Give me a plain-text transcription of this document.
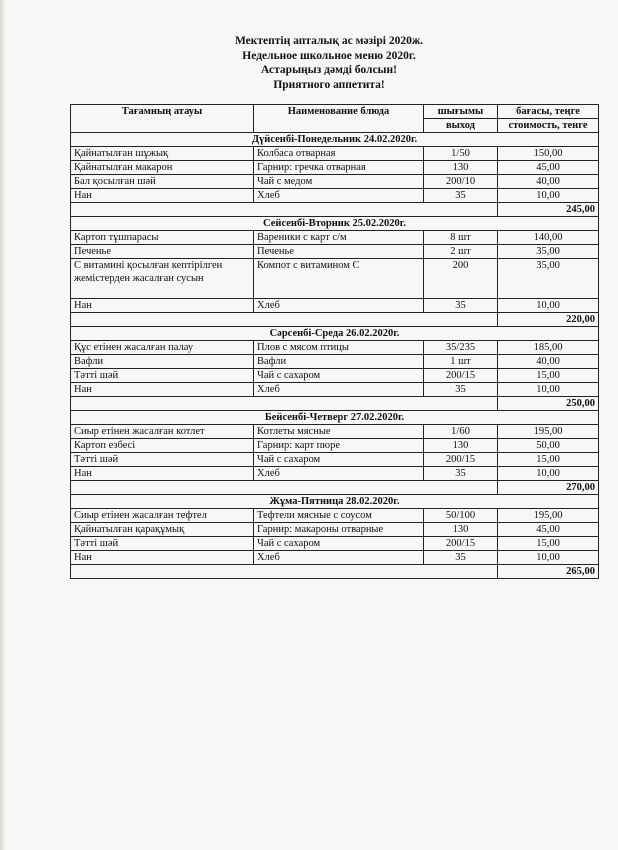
Мектептің апталық ас мәзірі 2020ж.
Недельное школьное меню 2020г.
Астарыңыз дәмді болсын!
Приятного аппетита!
Тағамның атауы	Наименование блюда	шығымы	бағасы, теңге
		выход	стоимость, тенге
Дүйсенбі-Понедельник 24.02.2020г.			
Қайнатылған шұжық	Колбаса отварная	1/50	150,00
Қайнатылған макарон	Гарнир: гречка отварная	130	45,00
Бал қосылған шәй	Чай с медом	200/10	40,00
Нан	Хлеб	35	10,00
			245,00
Сейсенбі-Вторник 25.02.2020г.			
Картоп тұшпарасы	Вареники с карт с/м	8 шт	140,00
Печенье	Печенье	2 шт	35,00
С витамині қосылған кептірілген жемістерден жасалған сусын	Компот с витамином С	200	35,00
Нан	Хлеб	35	10,00
			220,00
Сәрсенбі-Среда 26.02.2020г.			
Құс етінен жасалған палау	Плов с мясом птицы	35/235	185,00
Вафли	Вафли	1 шт	40,00
Тәтті шәй	Чай с сахаром	200/15	15,00
Нан	Хлеб	35	10,00
			250,00
Бейсенбі-Четверг 27.02.2020г.			
Сиыр етінен жасалған котлет	Котлеты мясные	1/60	195,00
Картоп езбесі	Гарнир: карт пюре	130	50,00
Тәтті шәй	Чай с сахаром	200/15	15,00
Нан	Хлеб	35	10,00
			270,00
Жұма-Пятница 28.02.2020г.			
Сиыр етінен жасалған тефтел	Тефтели мясные с соусом	50/100	195,00
Қайнатылған қарақұмық	Гарнир: макароны отварные	130	45,00
Тәтті шәй	Чай с сахаром	200/15	15,00
Нан	Хлеб	35	10,00
			265,00
